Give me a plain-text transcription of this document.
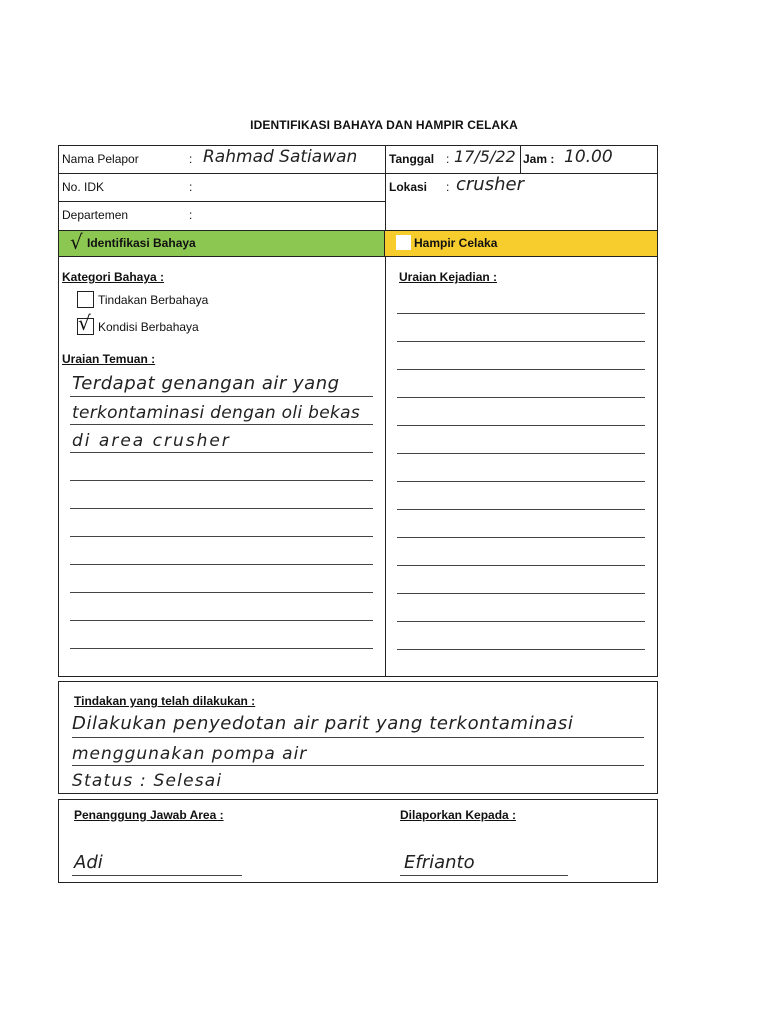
IDENTIFIKASI BAHAYA DAN HAMPIR CELAKA
Nama Pelapor	: Rahmad Satiawan
No. IDK	:
Departemen	:
Tanggal : 17/5/22 Jam : 10.00
Lokasi : crusher
√ Identifikasi Bahaya	Hampir Celaka
Kategori Bahaya :
Tindakan Berbahaya
√ Kondisi Berbahaya
Uraian Temuan :
Terdapat genangan air yang
terkontaminasi dengan oli bekas
di area crusher
Uraian Kejadian :
Tindakan yang telah dilakukan :
Dilakukan penyedotan air parit yang terkontaminasi
menggunakan pompa air
Status : Selesai
Penanggung Jawab Area :
Adi
Dilaporkan Kepada :
Efrianto
